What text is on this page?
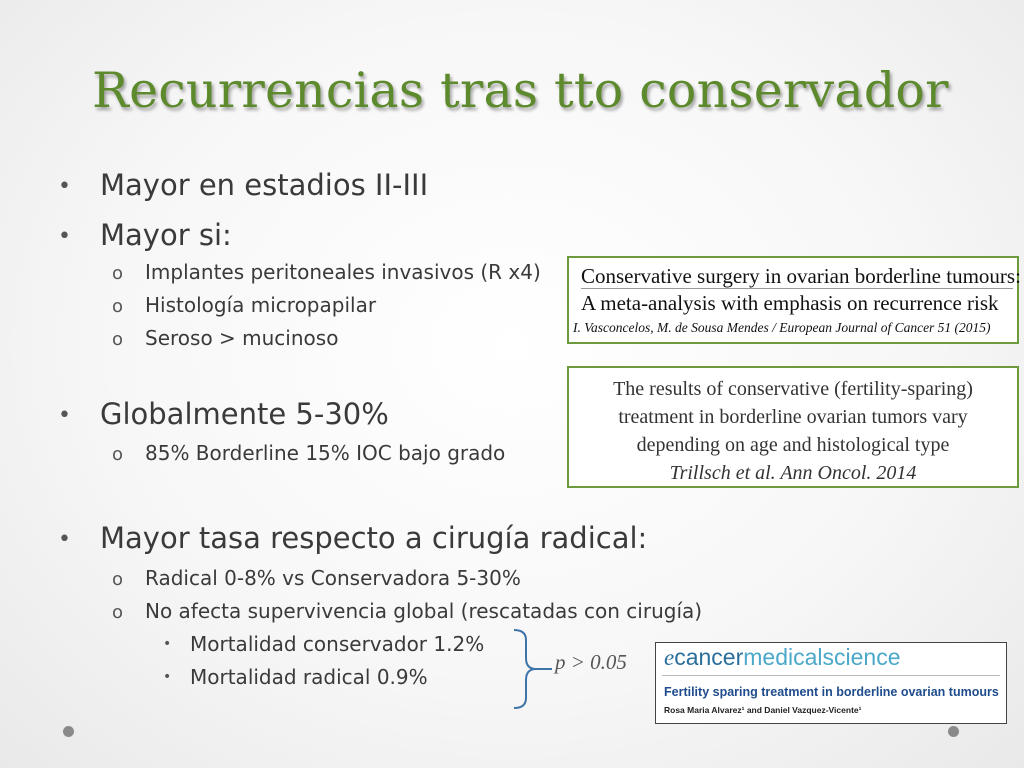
Recurrencias tras tto conservador
• Mayor en estadios II-III
• Mayor si:
o Implantes peritoneales invasivos (R x4)
o Histología micropapilar
o Seroso > mucinoso
• Globalmente 5-30%
o 85% Borderline 15% IOC bajo grado
• Mayor tasa respecto a cirugía radical:
o Radical 0-8% vs Conservadora 5-30%
o No afecta supervivencia global (rescatadas con cirugía)
• Mortalidad conservador 1.2%
• Mortalidad radical 0.9%
Conservative surgery in ovarian borderline tumours:
A meta-analysis with emphasis on recurrence risk
I. Vasconcelos, M. de Sousa Mendes / European Journal of Cancer 51 (2015)
The results of conservative (fertility-sparing)
treatment in borderline ovarian tumors vary
depending on age and histological type
Trillsch et al. Ann Oncol. 2014
p > 0.05 ecancermedicalscience
Fertility sparing treatment in borderline ovarian tumours
Rosa Maria Alvarez¹ and Daniel Vazquez-Vicente¹
